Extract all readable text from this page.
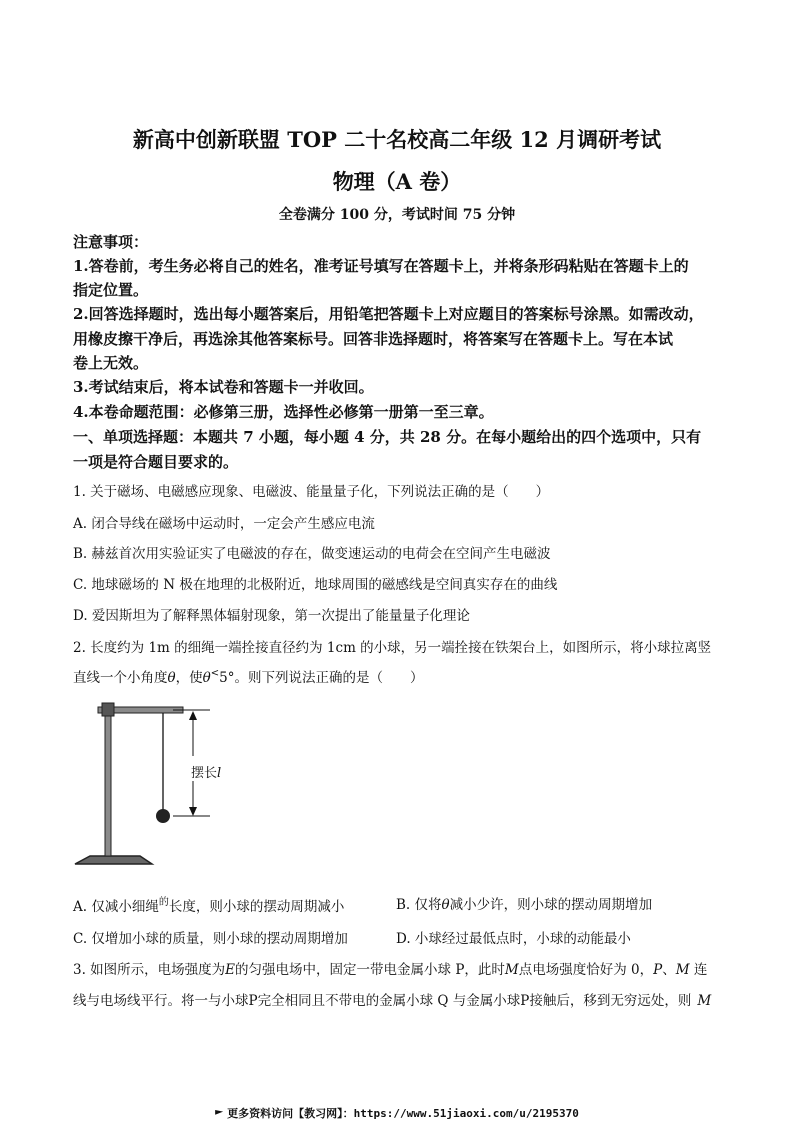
新高中创新联盟 TOP 二十名校高二年级 12 月调研考试
物理（A 卷）
全卷满分 100 分，考试时间 75 分钟
注意事项：
1.答卷前，考生务必将自己的姓名，准考证号填写在答题卡上，并将条形码粘贴在答题卡上的
指定位置。
2.回答选择题时，选出每小题答案后，用铅笔把答题卡上对应题目的答案标号涂黑。如需改动，
用橡皮擦干净后，再选涂其他答案标号。回答非选择题时，将答案写在答题卡上。写在本试
卷上无效。
3.考试结束后，将本试卷和答题卡一并收回。
4.本卷命题范围：必修第三册，选择性必修第一册第一至三章。
一、单项选择题：本题共 7 小题，每小题 4 分，共 28 分。在每小题给出的四个选项中，只有
一项是符合题目要求的。
1. 关于磁场、电磁感应现象、电磁波、能量量子化，下列说法正确的是（　　）
A. 闭合导线在磁场中运动时，一定会产生感应电流
B. 赫兹首次用实验证实了电磁波的存在，做变速运动的电荷会在空间产生电磁波
C. 地球磁场的 N 极在地理的北极附近，地球周围的磁感线是空间真实存在的曲线
D. 爱因斯坦为了解释黑体辐射现象，第一次提出了能量量子化理论
2. 长度约为 1m 的细绳一端拴接直径约为 1cm 的小球，另一端拴接在铁架台上，如图所示，将小球拉离竖
直线一个小角度θ，使θ<5°。则下列说法正确的是（　　）
摆长l
A. 仅减小细绳$^的$长度，则小球的摆动周期减小	B. 仅将θ减小少许，则小球的摆动周期增加
C. 仅增加小球的质量，则小球的摆动周期增加	D. 小球经过最低点时，小球的动能最小
3. 如图所示，电场强度为E的匀强电场中，固定一带电金属小球 P，此时M点电场强度恰好为 0，P、M 连
线与电场线平行。将一与小球P完全相同且不带电的金属小球 Q 与金属小球P接触后，移到无穷远处，则 M
更多资料访问【教习网】：https://www.51jiaoxi.com/u/2195370
